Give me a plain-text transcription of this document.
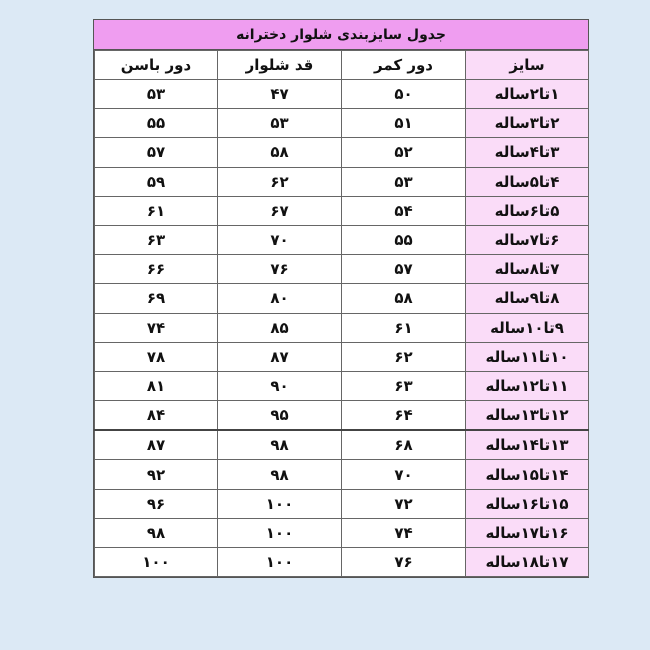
جدول سایزبندی شلوار دخترانه
سایز	دور کمر	قد شلوار	دور باسن
۱تا۲ساله	۵۰	۴۷	۵۳
۲تا۳ساله	۵۱	۵۳	۵۵
۳تا۴ساله	۵۲	۵۸	۵۷
۴تا۵ساله	۵۳	۶۲	۵۹
۵تا۶ساله	۵۴	۶۷	۶۱
۶تا۷ساله	۵۵	۷۰	۶۳
۷تا۸ساله	۵۷	۷۶	۶۶
۸تا۹ساله	۵۸	۸۰	۶۹
۹تا۱۰ساله	۶۱	۸۵	۷۴
۱۰تا۱۱ساله	۶۲	۸۷	۷۸
۱۱تا۱۲ساله	۶۳	۹۰	۸۱
۱۲تا۱۳ساله	۶۴	۹۵	۸۴
۱۳تا۱۴ساله	۶۸	۹۸	۸۷
۱۴تا۱۵ساله	۷۰	۹۸	۹۲
۱۵تا۱۶ساله	۷۲	۱۰۰	۹۶
۱۶تا۱۷ساله	۷۴	۱۰۰	۹۸
۱۷تا۱۸ساله	۷۶	۱۰۰	۱۰۰
